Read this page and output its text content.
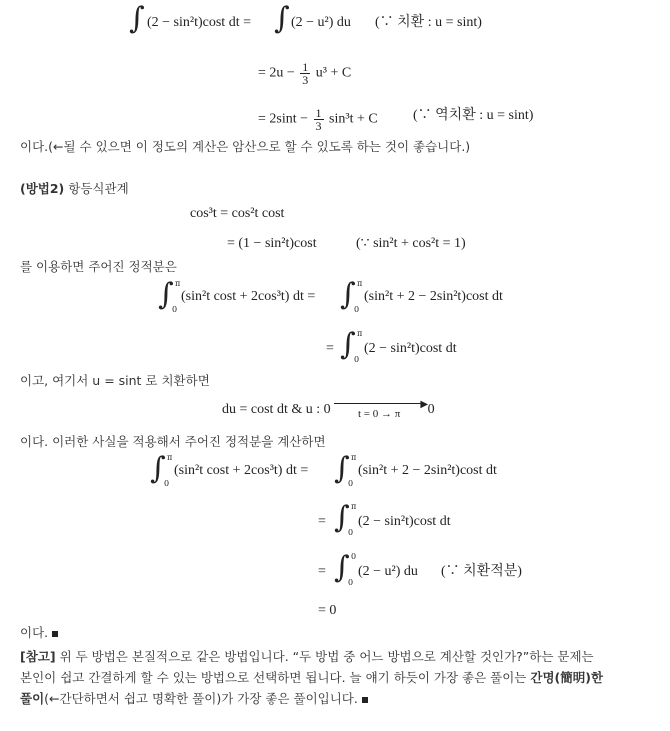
∫ (2 − sin²t)cost dt = ∫ (2 − u²) du (∵ 치환 : u = sint)
= $2u - \frac{1}{3} u^3 + C$
= $2\sin t - \frac{1}{3} \sin^3t + C$	(∵ 역치환 : u = sint)
이다.(←될 수 있으면 이 정도의 계산은 암산으로 할 수 있도록 하는 것이 좋습니다.)
(방법2) 항등식관계
cos³t = cos²t cost
= (1 − sin²t)cost	(∵ sin²t + cos²t = 1)
를 이용하면 주어진 정적분은
∫ π
0
(sin²t cost + 2cos³t) dt = ∫ π
0
(sin²t + 2 − 2sin²t)cost dt
= ∫ π
0
(2 − sin²t)cost dt
이고, 여기서 u = sint 로 치환하면
du = cost dt & u : 0	▶
t = 0 → π	0
이다. 이러한 사실을 적용해서 주어진 정적분을 계산하면
∫ π
0
(sin²t cost + 2cos³t) dt = ∫ π
0
(sin²t + 2 − 2sin²t)cost dt
= ∫ π
0
(2 − sin²t)cost dt
= ∫ 0
0
(2 − u²) du (∵ 치환적분)
= 0
이다.
[참고] 위 두 방법은 본질적으로 같은 방법입니다. “두 방법 중 어느 방법으로 계산할 것인가?”하는 문제는
본인이 쉽고 간결하게 할 수 있는 방법으로 선택하면 됩니다. 늘 얘기 하듯이 가장 좋은 풀이는 간명(簡明)한
풀이(←간단하면서 쉽고 명확한 풀이)가 가장 좋은 풀이입니다.
